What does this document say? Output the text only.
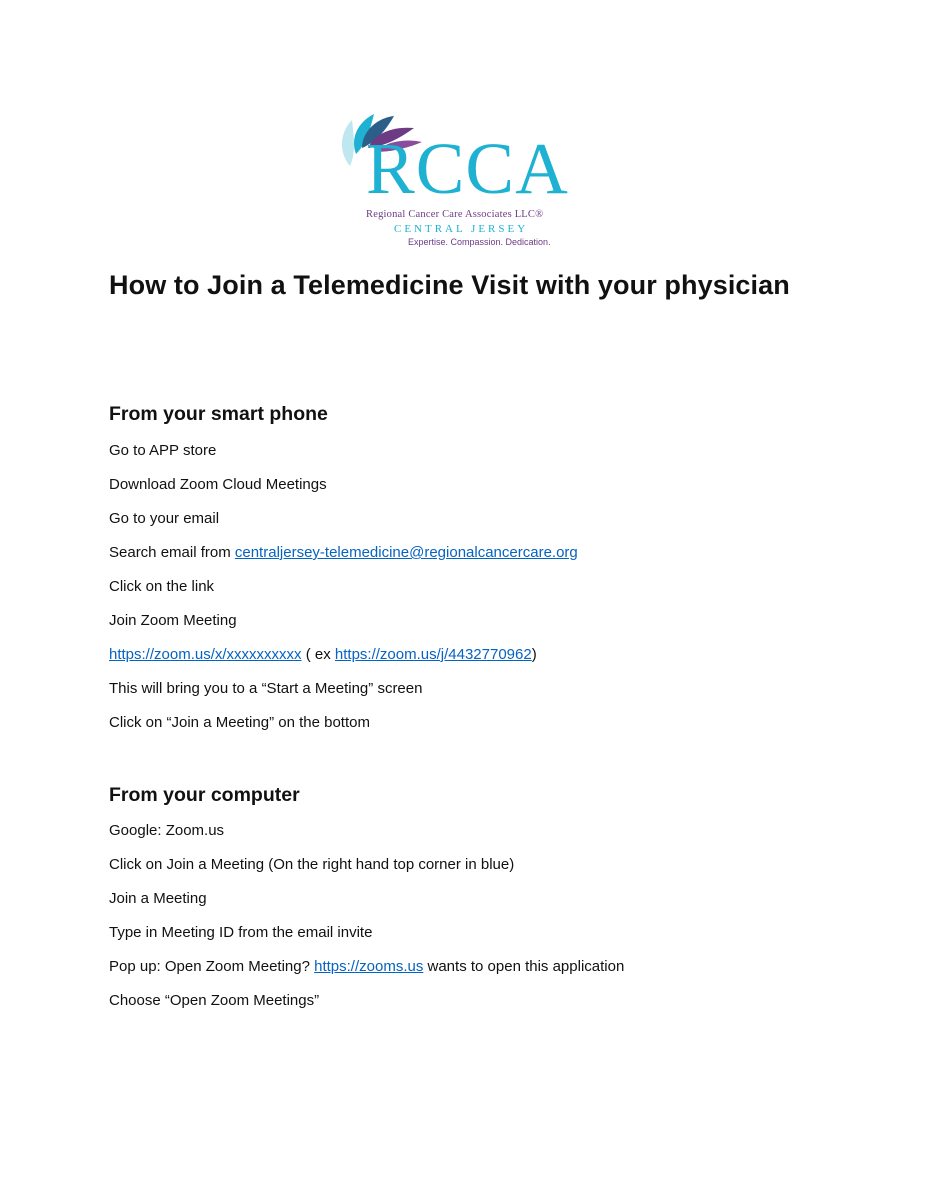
RCCA
Regional Cancer Care Associates LLC®
CENTRAL JERSEY
Expertise. Compassion. Dedication.
How to Join a Telemedicine Visit with your physician
From your smart phone

Go to APP store

Download Zoom Cloud Meetings

Go to your email

Search email from centraljersey-telemedicine@regionalcancercare.org

Click on the link

Join Zoom Meeting

https://zoom.us/x/xxxxxxxxxx ( ex https://zoom.us/j/4432770962)

This will bring you to a “Start a Meeting” screen

Click on “Join a Meeting” on the bottom

From your computer

Google: Zoom.us

Click on Join a Meeting (On the right hand top corner in blue)

Join a Meeting

Type in Meeting ID from the email invite

Pop up: Open Zoom Meeting? https://zooms.us wants to open this application

Choose “Open Zoom Meetings”
